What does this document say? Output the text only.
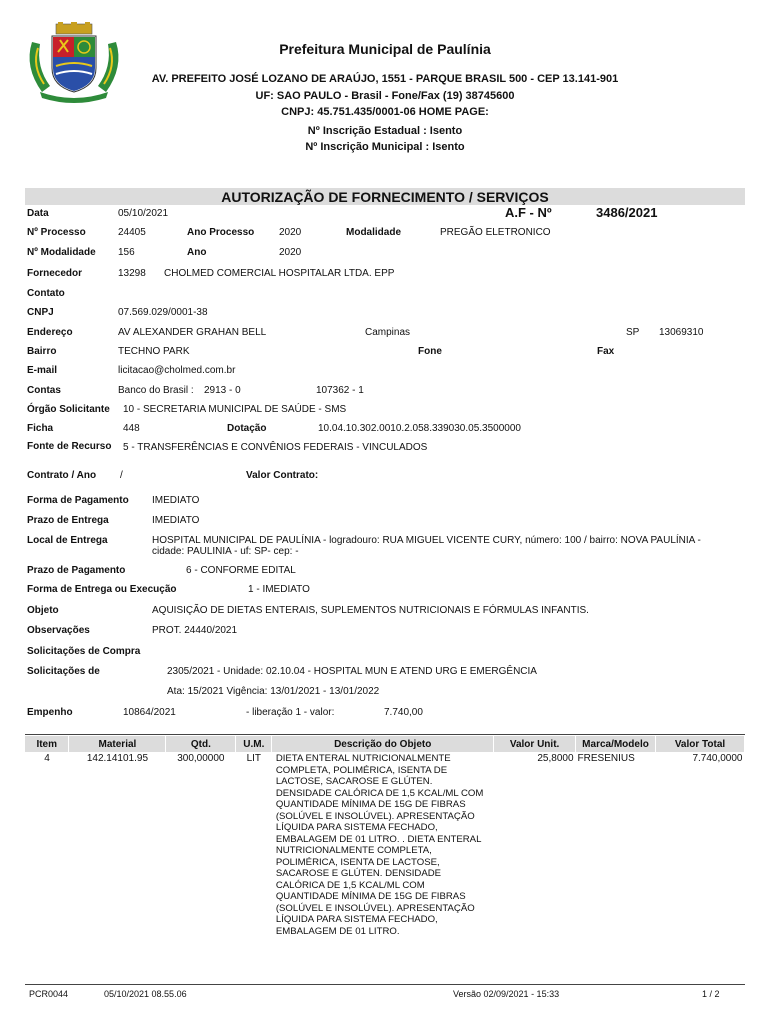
Prefeitura Municipal de Paulínia
AV. PREFEITO JOSÉ LOZANO DE ARAÚJO, 1551 - PARQUE BRASIL 500 - CEP 13.141-901
UF: SAO PAULO - Brasil - Fone/Fax (19) 38745600
CNPJ: 45.751.435/0001-06 HOME PAGE:
Nº Inscrição Estadual : Isento
Nº Inscrição Municipal : Isento
AUTORIZAÇÃO DE FORNECIMENTO / SERVIÇOS
Data	05/10/2021	A.F - Nº	3486/2021
Nº Processo	24405	Ano Processo 2020	Modalidade	PREGÃO ELETRONICO
Nº Modalidade 156	Ano	2020
Fornecedor	13298 CHOLMED COMERCIAL HOSPITALAR LTDA. EPP
Contato
CNPJ	07.569.029/0001-38
Endereço	AV ALEXANDER GRAHAN BELL	Campinas	SP 13069310
Bairro	TECHNO PARK	Fone	Fax
E-mail	licitacao@cholmed.com.br
Contas	Banco do Brasil : 2913 - 0	107362 - 1
Órgão Solicitante 10 - SECRETARIA MUNICIPAL DE SAÚDE - SMS
Ficha	448	Dotação	10.04.10.302.0010.2.058.339030.05.3500000
Fonte de Recurso 5 - TRANSFERÊNCIAS E CONVÊNIOS FEDERAIS - VINCULADOS
Contrato / Ano /	Valor Contrato:
Forma de Pagamento IMEDIATO
Prazo de Entrega	IMEDIATO
Local de Entrega	HOSPITAL MUNICIPAL DE PAULÍNIA - logradouro: RUA MIGUEL VICENTE CURY, número: 100 / bairro: NOVA PAULÍNIA -
cidade: PAULINIA - uf: SP- cep: -
Prazo de Pagamento	6 - CONFORME EDITAL
Forma de Entrega ou Execução	1 - IMEDIATO
Objeto	AQUISIÇÃO DE DIETAS ENTERAIS, SUPLEMENTOS NUTRICIONAIS E FÓRMULAS INFANTIS.
Observações	PROT. 24440/2021
Solicitações de Compra
Solicitações de	2305/2021 - Unidade: 02.10.04 - HOSPITAL MUN E ATEND URG E EMERGÊNCIA
Ata: 15/2021 Vigência: 13/01/2021 - 13/01/2022
Empenho	10864/2021	- liberação 1 - valor:	7.740,00
Item	Material	Qtd.	U.M.	Descrição do Objeto	Valor Unit.	Marca/Modelo	Valor Total
4	142.14101.95	300,00000	LIT	DIETA ENTERAL NUTRICIONALMENTE COMPLETA, POLIMÉRICA, ISENTA DE LACTOSE, SACAROSE E GLÚTEN. DENSIDADE CALÓRICA DE 1,5 KCAL/ML COM QUANTIDADE MÍNIMA DE 15G DE FIBRAS (SOLÚVEL E INSOLÚVEL). APRESENTAÇÃO LÍQUIDA PARA SISTEMA FECHADO, EMBALAGEM DE 01 LITRO. . DIETA ENTERAL NUTRICIONALMENTE COMPLETA, POLIMÉRICA, ISENTA DE LACTOSE, SACAROSE E GLÚTEN. DENSIDADE CALÓRICA DE 1,5 KCAL/ML COM QUANTIDADE MÍNIMA DE 15G DE FIBRAS (SOLÚVEL E INSOLÚVEL). APRESENTAÇÃO LÍQUIDA PARA SISTEMA FECHADO, EMBALAGEM DE 01 LITRO.	25,8000	FRESENIUS	7.740,0000
PCR0044	05/10/2021 08.55.06	Versão 02/09/2021 - 15:33	1 / 2
